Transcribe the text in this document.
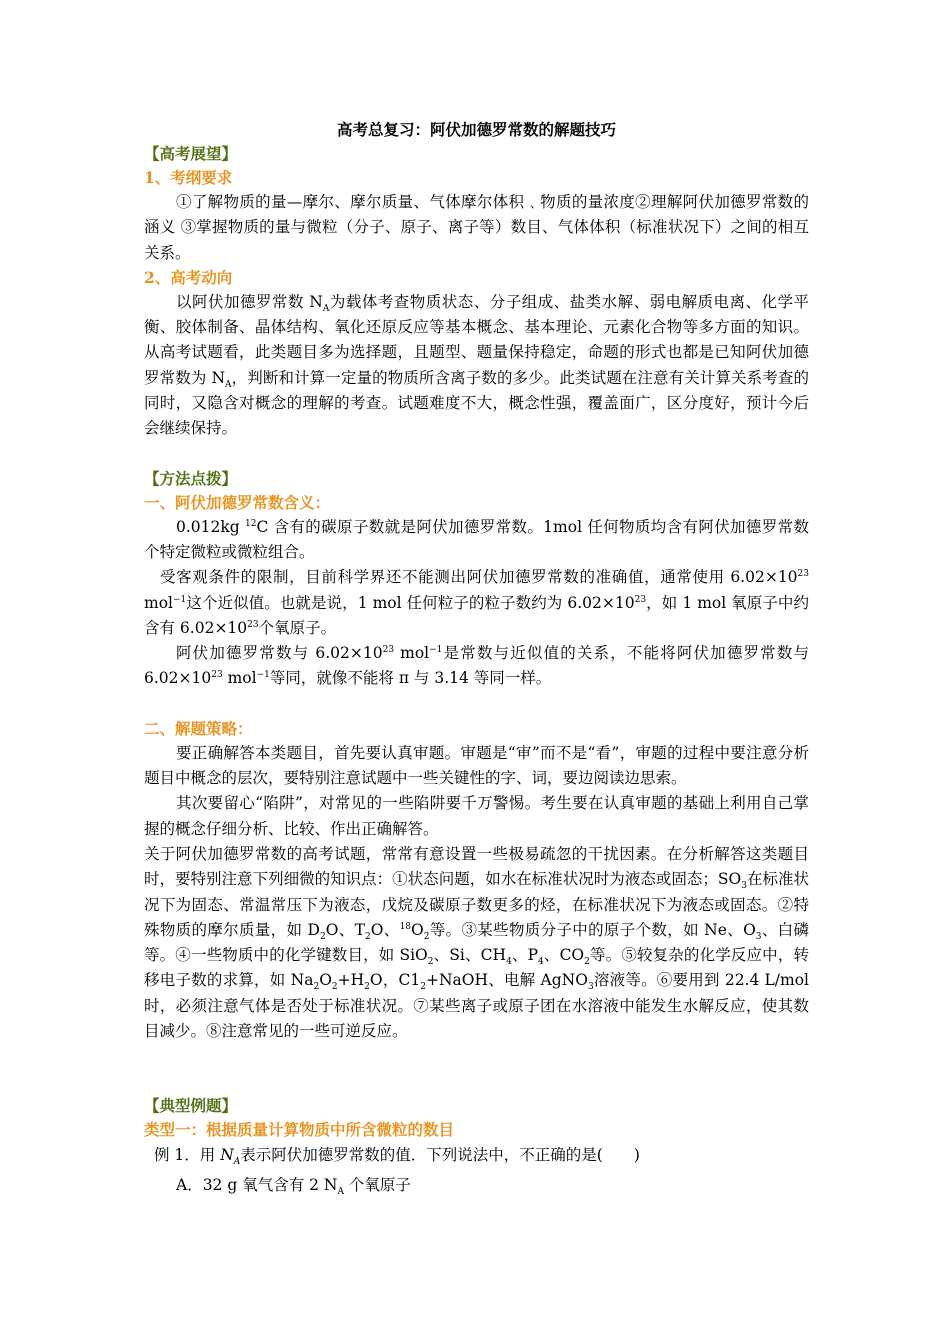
高考总复习：阿伏加德罗常数的解题技巧
【高考展望】
1、考纲要求

①了解物质的量—摩尔、摩尔质量、气体摩尔体积﹑物质的量浓度②理解阿伏加德罗常数的涵义 ③掌握物质的量与微粒（分子、原子、离子等）数目、气体体积（标准状况下）之间的相互关系。

2、高考动向

以阿伏加德罗常数 $N_A$为载体考查物质状态、分子组成、盐类水解、弱电解质电离、化学平衡、胶体制备、晶体结构、氧化还原反应等基本概念、基本理论、元素化合物等多方面的知识。从高考试题看，此类题目多为选择题，且题型、题量保持稳定，命题的形式也都是已知阿伏加德罗常数为 $N_A$，判断和计算一定量的物质所含离子数的多少。此类试题在注意有关计算关系考查的同时，又隐含对概念的理解的考查。试题难度不大，概念性强，覆盖面广，区分度好，预计今后会继续保持。

【方法点拨】
一、阿伏加德罗常数含义：

0.012kg $^{12}$C 含有的碳原子数就是阿伏加德罗常数。1mol 任何物质均含有阿伏加德罗常数个特定微粒或微粒组合。

受客观条件的限制，目前科学界还不能测出阿伏加德罗常数的准确值，通常使用 $6.02\times 10^{23}$ mol$^{-1}$这个近似值。也就是说，1 mol 任何粒子的粒子数约为 $6.02\times 10^{23}$，如 1 mol 氧原子中约含有 $6.02\times 10^{23}$个氧原子。

阿伏加德罗常数与 $6.02\times 10^{23}$ mol$^{-1}$是常数与近似值的关系，不能将阿伏加德罗常数与 $6.02\times 10^{23}$ mol$^{-1}$等同，就像不能将 π 与 3.14 等同一样。

二、解题策略：

要正确解答本类题目，首先要认真审题。审题是“审”而不是“看”，审题的过程中要注意分析题目中概念的层次，要特别注意试题中一些关键性的字、词，要边阅读边思索。

其次要留心“陷阱”，对常见的一些陷阱要千万警惕。考生要在认真审题的基础上利用自己掌握的概念仔细分析、比较、作出正确解答。

关于阿伏加德罗常数的高考试题，常常有意设置一些极易疏忽的干扰因素。在分析解答这类题目时，要特别注意下列细微的知识点：①状态问题，如水在标准状况时为液态或固态；$SO_3$在标准状况下为固态、常温常压下为液态，戊烷及碳原子数更多的烃，在标准状况下为液态或固态。②特殊物质的摩尔质量，如 $D_2O$、$T_2O$、$^{18}O_2$等。③某些物质分子中的原子个数，如 Ne、$O_3$、白磷等。④一些物质中的化学键数目，如 SiO$_2$、Si、$CH_4$、$P_4$、$CO_2$等。⑤较复杂的化学反应中，转移电子数的求算，如 $Na_2O_2+H_2O$，$C1_2+NaOH$、电解 AgNO$_3$溶液等。⑥要用到 22.4 L/mol 时，必须注意气体是否处于标准状况。⑦某些离子或原子团在水溶液中能发生水解反应，使其数目减少。⑧注意常见的一些可逆反应。

【典型例题】
类型一：根据质量计算物质中所含微粒的数目
例 1．用 $N_A$表示阿伏加德罗常数的值．下列说法中，不正确的是(　　)
A．32 g 氧气含有 2 $N_A$ 个氧原子
